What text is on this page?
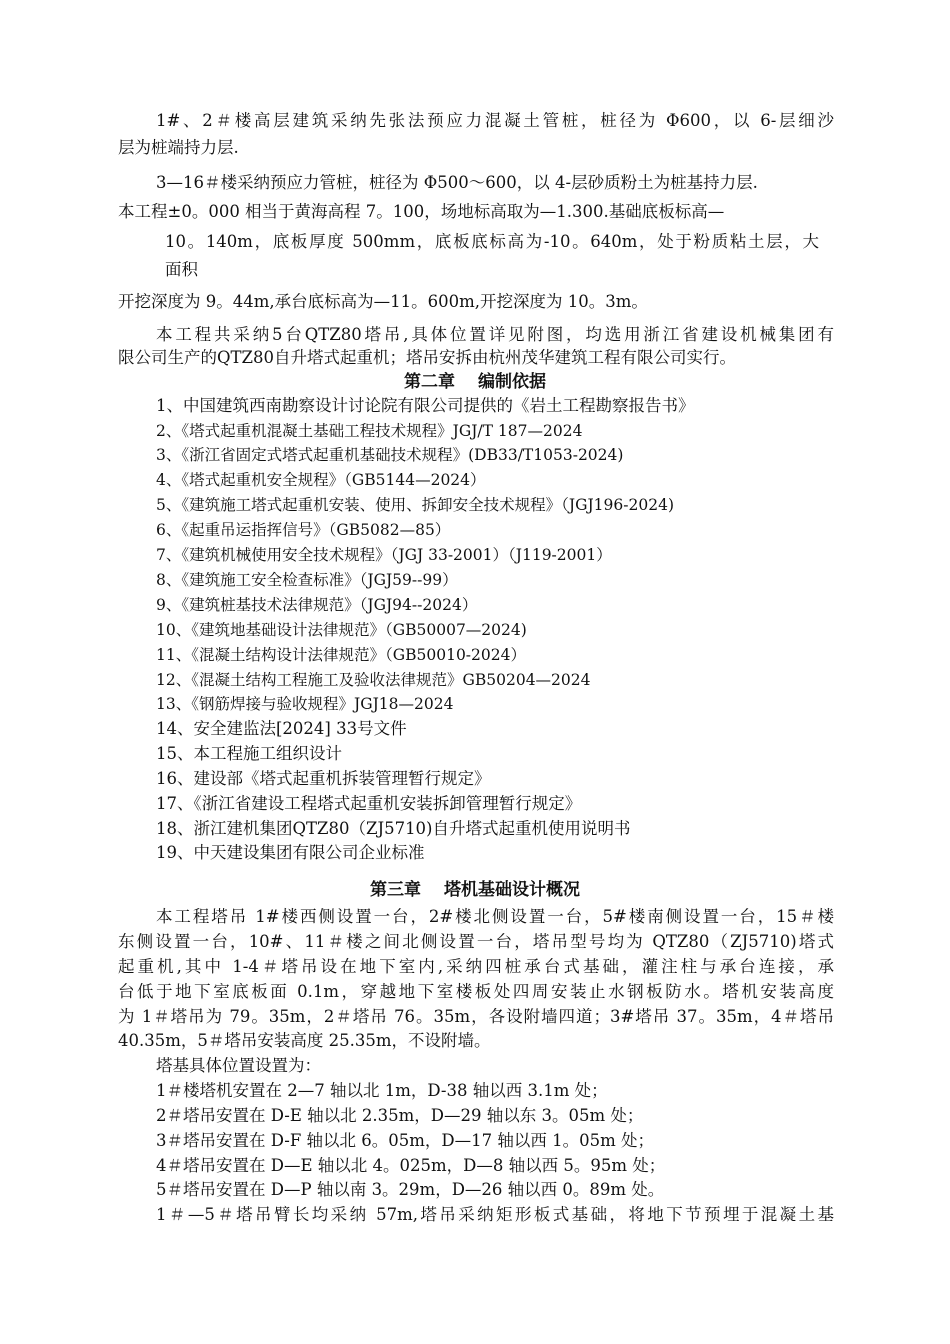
1#、2＃楼高层建筑采纳先张法预应力混凝土管桩，桩径为 Φ600，以 6-层细沙
层为桩端持力层.
3—16＃楼采纳预应力管桩，桩径为 Φ500～600，以 4-层砂质粉土为桩基持力层.
本工程±0。000 相当于黄海高程 7。100，场地标高取为—1.300.基础底板标高—
10。140m，底板厚度 500mm，底板底标高为-10。640m，处于粉质粘土层，大
面积
开挖深度为 9。44m,承台底标高为—11。600m,开挖深度为 10。3m。
本工程共采纳5台QTZ80塔吊,具体位置详见附图，均选用浙江省建设机械集团有
限公司生产的QTZ80自升塔式起重机；塔吊安拆由杭州茂华建筑工程有限公司实行。
第二章　 编制依据
1、中国建筑西南勘察设计讨论院有限公司提供的《岩土工程勘察报告书》
2、《塔式起重机混凝土基础工程技术规程》JGJ/T 187—2024
3、《浙江省固定式塔式起重机基础技术规程》(DB33/T1053-2024)
4、《塔式起重机安全规程》（GB5144—2024）
5、《建筑施工塔式起重机安装、使用、拆卸安全技术规程》（JGJ196-2024)
6、《起重吊运指挥信号》（GB5082—85）
7、《建筑机械使用安全技术规程》（JGJ 33-2001）（J119-2001）
8、《建筑施工安全检查标准》（JGJ59--99）
9、《建筑桩基技术法律规范》（JGJ94--2024）
10、《建筑地基础设计法律规范》（GB50007—2024)
11、《混凝土结构设计法律规范》（GB50010-2024）
12、《混凝土结构工程施工及验收法律规范》GB50204—2024
13、《钢筋焊接与验收规程》JGJ18—2024
14、安全建监法[2024] 33号文件
15、本工程施工组织设计
16、建设部《塔式起重机拆装管理暂行规定》
17、《浙江省建设工程塔式起重机安装拆卸管理暂行规定》
18、浙江建机集团QTZ80（ZJ5710)自升塔式起重机使用说明书
19、中天建设集团有限公司企业标准
第三章　 塔机基础设计概况
本工程塔吊 1#楼西侧设置一台，2#楼北侧设置一台，5#楼南侧设置一台，15＃楼
东侧设置一台，10#、11＃楼之间北侧设置一台，塔吊型号均为 QTZ80（ZJ5710)塔式
起重机,其中 1-4＃塔吊设在地下室内,采纳四桩承台式基础，灌注柱与承台连接，承
台低于地下室底板面 0.1m，穿越地下室楼板处四周安装止水钢板防水。塔机安装高度
为 1＃塔吊为 79。35m，2＃塔吊 76。35m，各设附墙四道；3#塔吊 37。35m，4＃塔吊
40.35m，5＃塔吊安装高度 25.35m，不设附墙。
塔基具体位置设置为：
1＃楼塔机安置在 2—7 轴以北 1m，D-38 轴以西 3.1m 处；
2＃塔吊安置在 D-E 轴以北 2.35m，D—29 轴以东 3。05m 处；
3＃塔吊安置在 D-F 轴以北 6。05m，D—17 轴以西 1。05m 处；
4＃塔吊安置在 D—E 轴以北 4。025m，D—8 轴以西 5。95m 处；
5＃塔吊安置在 D—P 轴以南 3。29m，D—26 轴以西 0。89m 处。
1＃—5＃塔吊臂长均采纳 57m,塔吊采纳矩形板式基础，将地下节预埋于混凝土基
